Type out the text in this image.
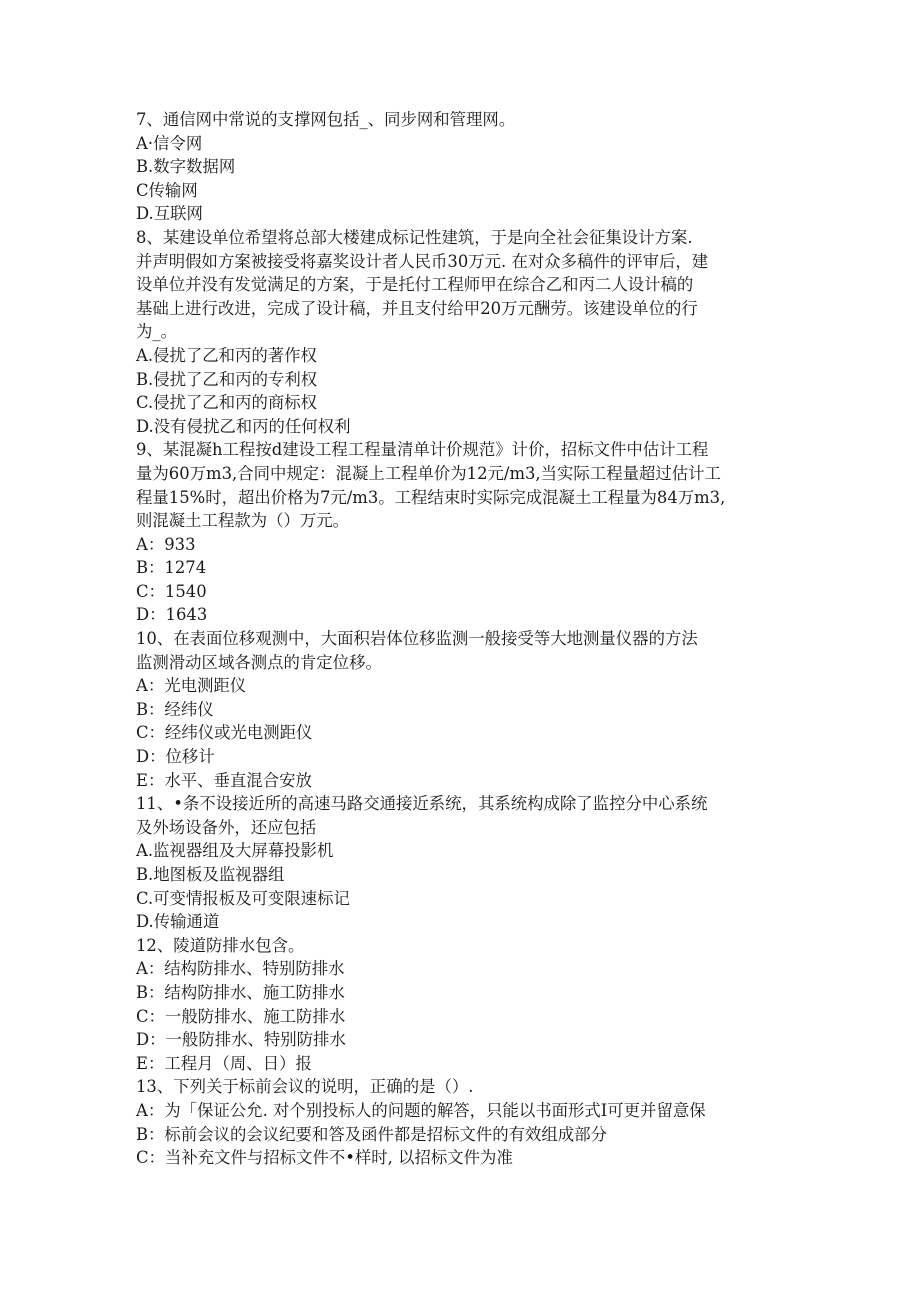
7、通信网中常说的支撑网包括_、同步网和管理网。
A·信令网
B.数字数据网
C传输网
D.互联网
8、某建设单位希望将总部大楼建成标记性建筑，于是向全社会征集设计方案.
并声明假如方案被接受将嘉奖设计者人民币30万元. 在对众多稿件的评审后，建
设单位并没有发觉满足的方案，于是托付工程师甲在综合乙和丙二人设计稿的
基础上进行改进，完成了设计稿，并且支付给甲20万元酬劳。该建设单位的行
为_。
A.侵扰了乙和丙的著作权
B.侵扰了乙和丙的专利权
C.侵扰了乙和丙的商标权
D.没有侵扰乙和丙的任何权利
9、某混凝h工程按d建设工程工程量清单计价规范》计价，招标文件中估计工程
量为60万m3,合同中规定：混凝上工程单价为12元/m3,当实际工程量超过估计工
程量15%时，超出价格为7元/m3。工程结束时实际完成混凝土工程量为84万m3,
则混凝土工程款为（）万元。
A：933
B：1274
C：1540
D：1643
10、在表面位移观测中，大面积岩体位移监测一般接受等大地测量仪器的方法
监测滑动区域各测点的肯定位移。
A：光电测距仪
B：经纬仪
C：经纬仪或光电测距仪
D：位移计
E：水平、垂直混合安放
11、•条不设接近所的高速马路交通接近系统，其系统构成除了监控分中心系统
及外场设备外，还应包括
A.监视器组及大屏幕投影机
B.地图板及监视器组
C.可变情报板及可变限速标记
D.传输通道
12、陵道防排水包含。
A：结构防排水、特别防排水
B：结构防排水、施工防排水
C：一般防排水、施工防排水
D：一般防排水、特别防排水
E：工程月（周、日）报
13、下列关于标前会议的说明，正确的是（）.
A：为「保证公允. 对个别投标人的问题的解答，只能以书面形式I可更并留意保
B：标前会议的会议纪要和答及函件都是招标文件的有效组成部分
C：当补充文件与招标文件不•样时, 以招标文件为准
